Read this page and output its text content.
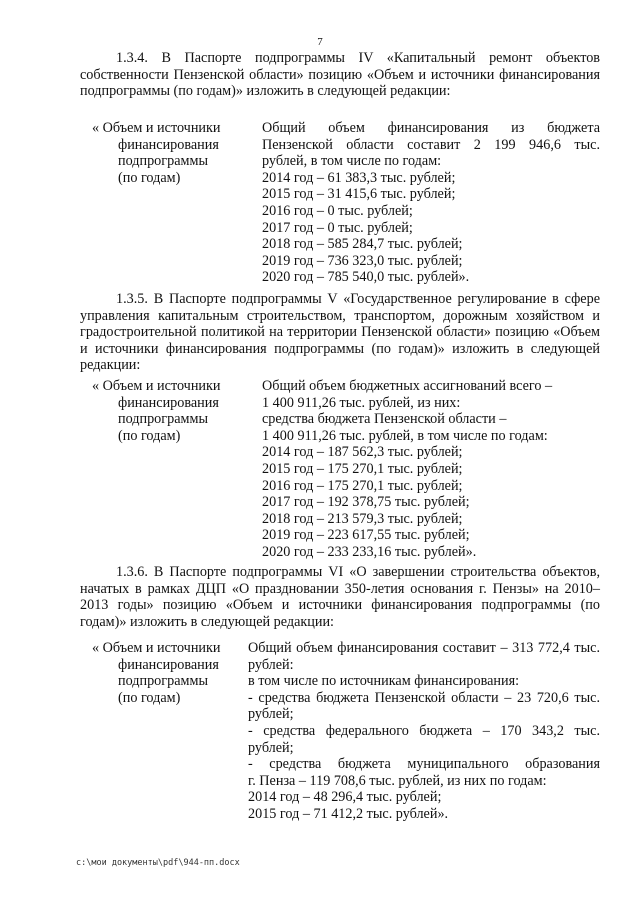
7

1.3.4. В Паспорте подпрограммы IV «Капитальный ремонт объектов собственности Пензенской области» позицию «Объем и источники финансирования подпрограммы (по годам)» изложить в следующей редакции:

« Объем и источники
финансирования
подпрограммы
(по годам)
Общий объем финансирования из бюджета
Пензенской области составит 2 199 946,6 тыс.
рублей, в том числе по годам:
2014 год – 61 383,3 тыс. рублей;
2015 год – 31 415,6 тыс. рублей;
2016 год – 0 тыс. рублей;
2017 год – 0 тыс. рублей;
2018 год – 585 284,7 тыс. рублей;
2019 год – 736 323,0 тыс. рублей;
2020 год – 785 540,0 тыс. рублей».

1.3.5. В Паспорте подпрограммы V «Государственное регулирование в сфере управления капитальным строительством, транспортом, дорожным хозяйством и градостроительной политикой на территории Пензенской области» позицию «Объем и источники финансирования подпрограммы (по годам)» изложить в следующей редакции:

« Объем и источники
финансирования
подпрограммы
(по годам)
Общий объем бюджетных ассигнований всего –
1 400 911,26 тыс. рублей, из них:
средства бюджета Пензенской области –
1 400 911,26 тыс. рублей, в том числе по годам:
2014 год – 187 562,3 тыс. рублей;
2015 год – 175 270,1 тыс. рублей;
2016 год – 175 270,1 тыс. рублей;
2017 год – 192 378,75 тыс. рублей;
2018 год – 213 579,3 тыс. рублей;
2019 год – 223 617,55 тыс. рублей;
2020 год – 233 233,16 тыс. рублей».

1.3.6. В Паспорте подпрограммы VI «О завершении строительства объектов, начатых в рамках ДЦП «О праздновании 350-летия основания г. Пензы» на 2010–2013 годы» позицию «Объем и источники финансирования подпрограммы (по годам)» изложить в следующей редакции:

« Объем и источники
финансирования
подпрограммы
(по годам)
Общий объем финансирования составит – 313 772,4 тыс.
рублей:
в том числе по источникам финансирования:
- средства бюджета Пензенской области – 23 720,6 тыс.
рублей;
- средства федерального бюджета – 170 343,2 тыс.
рублей;
- средства бюджета муниципального образования
г. Пенза – 119 708,6 тыс. рублей, из них по годам:
2014 год – 48 296,4 тыс. рублей;
2015 год – 71 412,2 тыс. рублей».
c:\мои документы\pdf\944-пп.docx
